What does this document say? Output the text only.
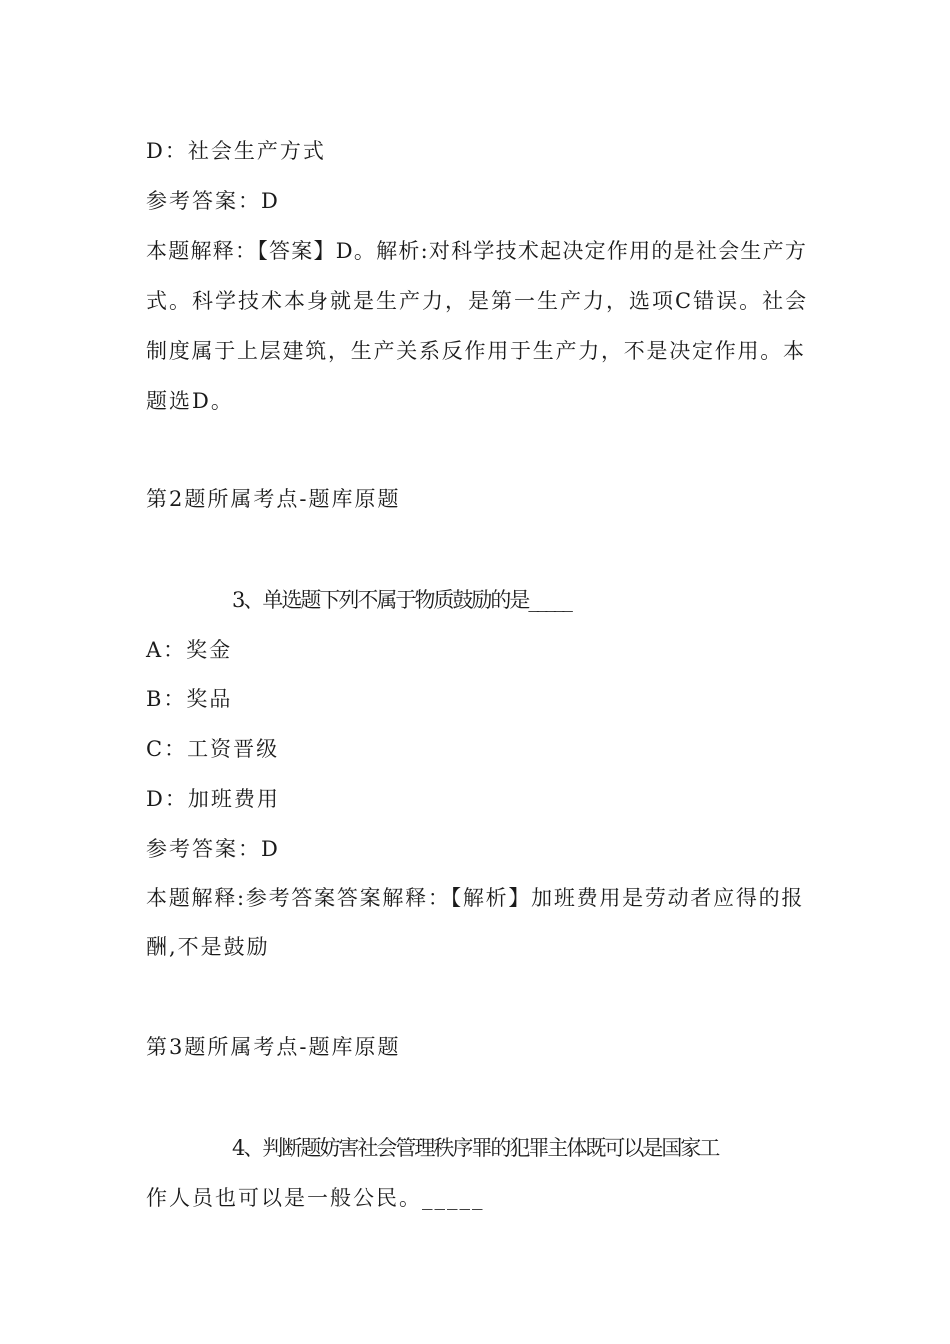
D：社会生产方式
参考答案：D
本题解释：【答案】D。解析:对科学技术起决定作用的是社会生产方
式。科学技术本身就是生产力，是第一生产力，选项C错误。社会
制度属于上层建筑，生产关系反作用于生产力，不是决定作用。本
题选D。
第2题所属考点-题库原题
3、单选题下列不属于物质鼓励的是_____
A：奖金
B：奖品
C：工资晋级
D：加班费用
参考答案：D
本题解释:参考答案答案解释：【解析】加班费用是劳动者应得的报
酬,不是鼓励
第3题所属考点-题库原题
4、判断题妨害社会管理秩序罪的犯罪主体既可以是国家工
作人员也可以是一般公民。_____
